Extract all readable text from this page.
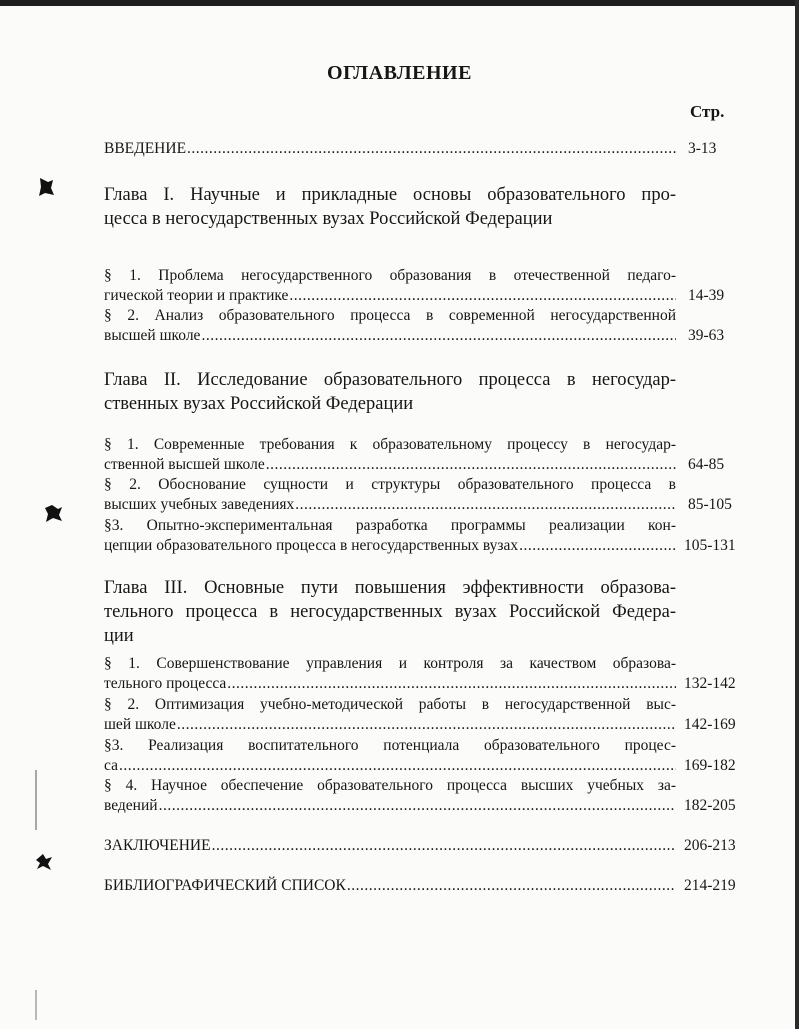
ОГЛАВЛЕНИЕ
Стр.
ВВЕДЕНИЕ .....	3-13
Глава I. Научные и прикладные основы образовательного про-
цесса в негосударственных вузах Российской Федерации
§ 1. Проблема негосударственного образования в отечественной педаго-
гической теории и практике .....	14-39
§ 2. Анализ образовательного процесса в современной негосударственной
высшей школе .....	39-63
Глава II. Исследование образовательного процесса в негосудар-
ственных вузах Российской Федерации
§ 1. Современные требования к образовательному процессу в негосудар-
ственной высшей школе .....	64-85
§ 2. Обоснование сущности и структуры образовательного процесса в
высших учебных заведениях .....	85-105
§3. Опытно-экспериментальная разработка программы реализации кон-
цепции образовательного процесса в негосударственных вузах .....	105-131
Глава III. Основные пути повышения эффективности образова-
тельного процесса в негосударственных вузах Российской Федера-
ции
§ 1. Совершенствование управления и контроля за качеством образова-
тельного процесса .....	132-142
§ 2. Оптимизация учебно-методической работы в негосударственной выс-
шей школе .....	142-169
§3. Реализация воспитательного потенциала образовательного процес-
са .....	169-182
§ 4. Научное обеспечение образовательного процесса высших учебных за-
ведений .....	182-205
ЗАКЛЮЧЕНИЕ .....	206-213
БИБЛИОГРАФИЧЕСКИЙ СПИСОК .....	214-219
